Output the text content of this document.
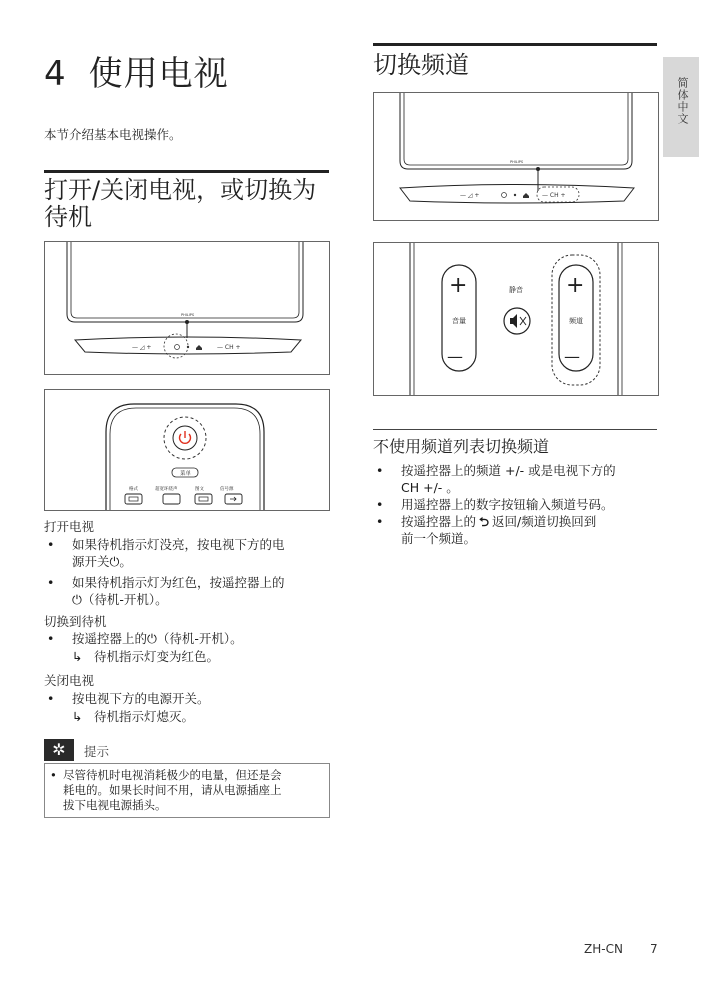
简体中文
4 使用电视
本节介绍基本电视操作。
打开/关闭电视，或切换为
待机
— ◿ +	— CH +
PHILIPS
菜单
格式	超宽环绕声	图文	信号源
打开电视
• 如果待机指示灯没亮，按电视下方的电
源开关⏻。
• 如果待机指示灯为红色，按遥控器上的
⏻（待机-开机）。
切换到待机
• 按遥控器上的⏻（待机-开机）。
↳ 待机指示灯变为红色。
关闭电视
• 按电视下方的电源开关。
↳ 待机指示灯熄灭。
✲	提示
• 尽管待机时电视消耗极少的电量，但还是会
耗电的。如果长时间不用，请从电源插座上
拔下电视电源插头。
切换频道
PHILIPS
— ◿ +	— CH +
+
音量
—
静音 +
频道
—
不使用频道列表切换频道
• 按遥控器上的频道 +/- 或是电视下方的
CH +/- 。
• 用遥控器上的数字按钮输入频道号码。
• 按遥控器上的 ⮌ 返回/频道切换回到
前一个频道。
ZH-CN 7
